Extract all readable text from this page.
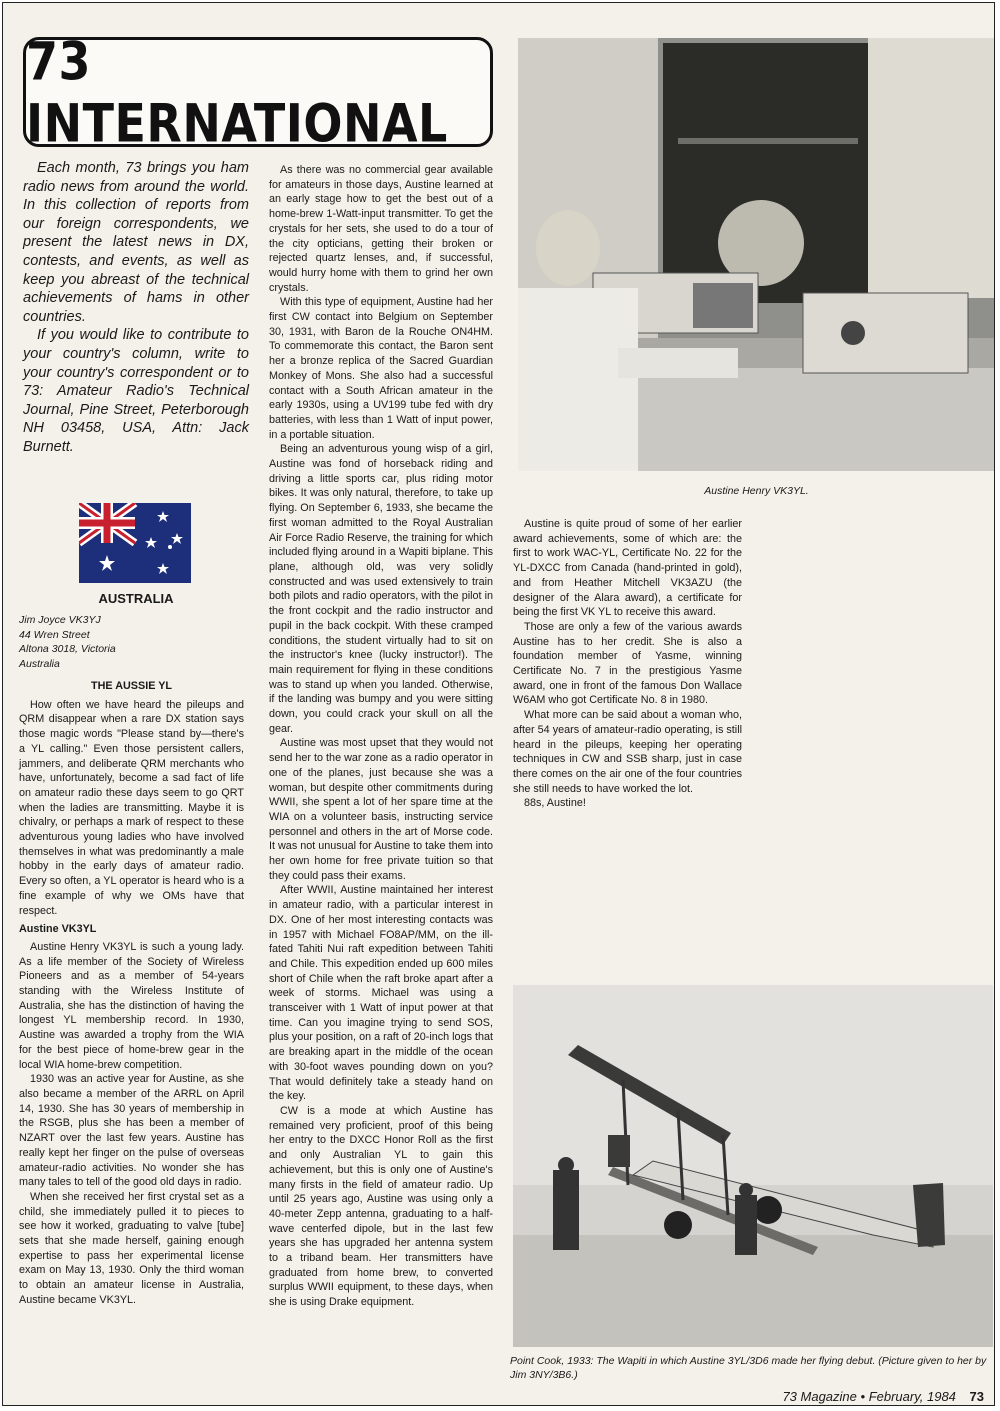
73 INTERNATIONAL

Each month, 73 brings you ham radio news from around the world. In this collection of reports from our foreign correspondents, we present the latest news in DX, contests, and events, as well as keep you abreast of the technical achievements of hams in other countries.

If you would like to contribute to your country's column, write to your country's correspondent or to 73: Amateur Radio's Technical Journal, Pine Street, Peterborough NH 03458, USA, Attn: Jack Burnett.

AUSTRALIA
Jim Joyce VK3YJ
44 Wren Street
Altona 3018, Victoria
Australia

THE AUSSIE YL

How often we have heard the pileups and QRM disappear when a rare DX station says those magic words "Please stand by—there's a YL calling." Even those persistent callers, jammers, and deliberate QRM merchants who have, unfortunately, become a sad fact of life on amateur radio these days seem to go QRT when the ladies are transmitting. Maybe it is chivalry, or perhaps a mark of respect to these adventurous young ladies who have involved themselves in what was predominantly a male hobby in the early days of amateur radio. Every so often, a YL operator is heard who is a fine example of why we OMs have that respect.

Austine VK3YL

Austine Henry VK3YL is such a young lady. As a life member of the Society of Wireless Pioneers and as a member of 54-years standing with the Wireless Institute of Australia, she has the distinction of having the longest YL membership record. In 1930, Austine was awarded a trophy from the WIA for the best piece of home-brew gear in the local WIA home-brew competition.

1930 was an active year for Austine, as she also became a member of the ARRL on April 14, 1930. She has 30 years of membership in the RSGB, plus she has been a member of NZART over the last few years. Austine has really kept her finger on the pulse of overseas amateur-radio activities. No wonder she has many tales to tell of the good old days in radio.

When she received her first crystal set as a child, she immediately pulled it to pieces to see how it worked, graduating to valve [tube] sets that she made herself, gaining enough expertise to pass her experimental license exam on May 13, 1930. Only the third woman to obtain an amateur license in Australia, Austine became VK3YL.

As there was no commercial gear available for amateurs in those days, Austine learned at an early stage how to get the best out of a home-brew 1-Watt-input transmitter. To get the crystals for her sets, she used to do a tour of the city opticians, getting their broken or rejected quartz lenses, and, if successful, would hurry home with them to grind her own crystals.

With this type of equipment, Austine had her first CW contact into Belgium on September 30, 1931, with Baron de la Rouche ON4HM. To commemorate this contact, the Baron sent her a bronze replica of the Sacred Guardian Monkey of Mons. She also had a successful contact with a South African amateur in the early 1930s, using a UV199 tube fed with dry batteries, with less than 1 Watt of input power, in a portable situation.

Being an adventurous young wisp of a girl, Austine was fond of horseback riding and driving a little sports car, plus riding motor bikes. It was only natural, therefore, to take up flying. On September 6, 1933, she became the first woman admitted to the Royal Australian Air Force Radio Reserve, the training for which included flying around in a Wapiti biplane. This plane, although old, was very solidly constructed and was used extensively to train both pilots and radio operators, with the pilot in the front cockpit and the radio instructor and pupil in the back cockpit. With these cramped conditions, the student virtually had to sit on the instructor's knee (lucky instructor!). The main requirement for flying in these conditions was to stand up when you landed. Otherwise, if the landing was bumpy and you were sitting down, you could crack your skull on all the gear.

Austine was most upset that they would not send her to the war zone as a radio operator in one of the planes, just because she was a woman, but despite other commitments during WWII, she spent a lot of her spare time at the WIA on a volunteer basis, instructing service personnel and others in the art of Morse code. It was not unusual for Austine to take them into her own home for free private tuition so that they could pass their exams.

After WWII, Austine maintained her interest in amateur radio, with a particular interest in DX. One of her most interesting contacts was in 1957 with Michael FO8AP/MM, on the ill-fated Tahiti Nui raft expedition between Tahiti and Chile. This expedition ended up 600 miles short of Chile when the raft broke apart after a week of storms. Michael was using a transceiver with 1 Watt of input power at that time. Can you imagine trying to send SOS, plus your position, on a raft of 20-inch logs that are breaking apart in the middle of the ocean with 30-foot waves pounding down on you? That would definitely take a steady hand on the key.

CW is a mode at which Austine has remained very proficient, proof of this being her entry to the DXCC Honor Roll as the first and only Australian YL to gain this achievement, but this is only one of Austine's many firsts in the field of amateur radio. Up until 25 years ago, Austine was using only a 40-meter Zepp antenna, graduating to a half-wave centerfed dipole, but in the last few years she has upgraded her antenna system to a triband beam. Her transmitters have graduated from home brew, to converted surplus WWII equipment, to these days, when she is using Drake equipment.

Austine is quite proud of some of her earlier award achievements, some of which are: the first to work WAC-YL, Certificate No. 22 for the YL-DXCC from Canada (hand-printed in gold), and from Heather Mitchell VK3AZU (the designer of the Alara award), a certificate for being the first VK YL to receive this award.

Those are only a few of the various awards Austine has to her credit. She is also a foundation member of Yasme, winning Certificate No. 7 in the prestigious Yasme award, one in front of the famous Don Wallace W6AM who got Certificate No. 8 in 1980.

What more can be said about a woman who, after 54 years of amateur-radio operating, is still heard in the pileups, keeping her operating techniques in CW and SSB sharp, just in case there comes on the air one of the four countries she still needs to have worked the lot.

88s, Austine!

Austine Henry VK3YL.
Point Cook, 1933: The Wapiti in which Austine 3YL/3D6 made her flying debut. (Picture given to her by Jim 3NY/3B6.)
73 Magazine • February, 1984 73
